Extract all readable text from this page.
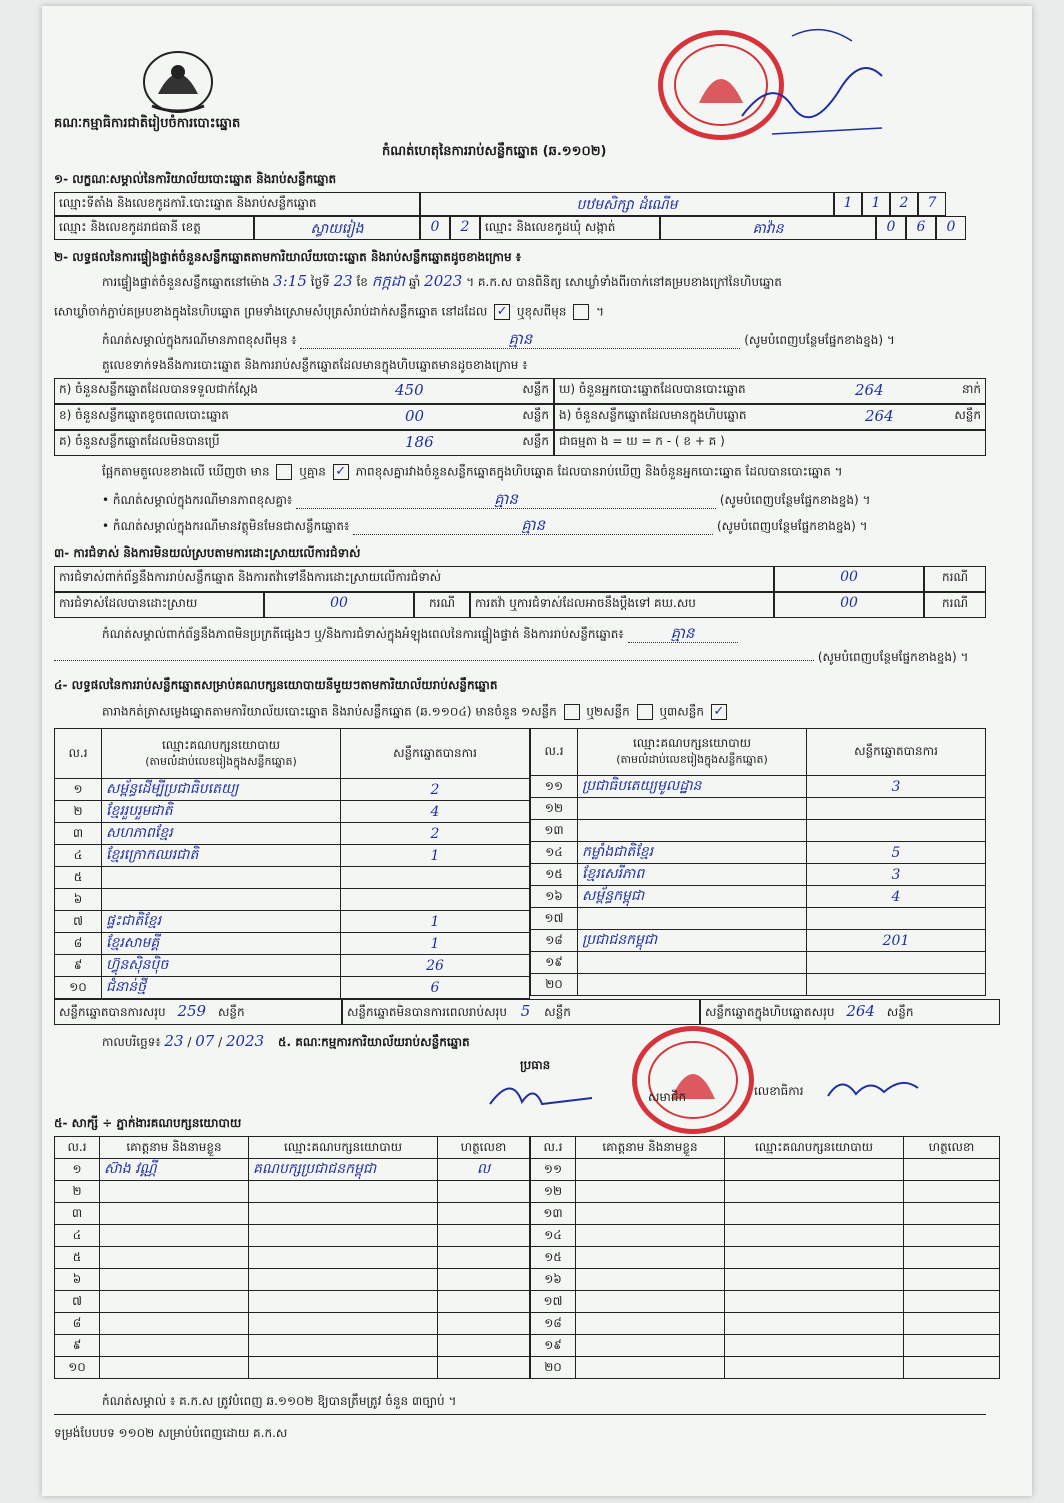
គណៈកម្មាធិការជាតិរៀបចំការបោះឆ្នោត
កំណត់ហេតុនៃការរាប់សន្លឹកឆ្នោត (ឆ.១១០២)
១- លក្ខណៈសម្គាល់នៃការិយាល័យបោះឆ្នោត និងរាប់សន្លឹកឆ្នោត
ឈ្មោះទីតាំង និងលេខកូដការិ.បោះឆ្នោត និងរាប់សន្លឹកឆ្នោត	បឋមសិក្សា ដំណើម	1	1	2	7
ឈ្មោះ និងលេខកូដរាជធានី ខេត្ត	ស្វាយរៀង	0	2	ឈ្មោះ និងលេខកូដឃុំ សង្កាត់	គាវ៉ាន	0	6	0
២- លទ្ធផលនៃការផ្ទៀងផ្ទាត់ចំនួនសន្លឹកឆ្នោតតាមការិយាល័យបោះឆ្នោត និងរាប់សន្លឹកឆ្នោតដូចខាងក្រោម ៖
ការផ្ទៀងផ្ទាត់ចំនួនសន្លឹកឆ្នោតនៅម៉ោង 3:15 ថ្ងៃទី 23 ខែ កក្កដា ឆ្នាំ 2023 ។ គ.ក.ស បានពិនិត្យ សោឃ្លាំទាំងពីរចាក់នៅគម្របខាងក្រៅនៃហិបឆ្នោត
សោឃ្លាំចាក់ភ្ជាប់គម្របខាងក្នុងនៃហិបឆ្នោត ព្រមទាំងស្រោមសំបុត្រសំរាប់ដាក់សន្លឹកឆ្នោត នៅដដែល ✓ ឬខុសពីមុន  ។
កំណត់សម្គាល់ក្នុងករណីមានភាពខុសពីមុន ៖	គ្មាន	(សូមបំពេញបន្ថែមផ្នែកខាងខ្នង) ។
តួលេខទាក់ទងនឹងការបោះឆ្នោត និងការរាប់សន្លឹកឆ្នោតដែលមានក្នុងហិបឆ្នោតមានដូចខាងក្រោម ៖
ក) ចំនួនសន្លឹកឆ្នោតដែលបានទទួលជាក់ស្តែង	450	សន្លឹក
ខ) ចំនួនសន្លឹកឆ្នោតខូចពេលបោះឆ្នោត	00	សន្លឹក
គ) ចំនួនសន្លឹកឆ្នោតដែលមិនបានប្រើ	186	សន្លឹក
ឃ) ចំនួនអ្នកបោះឆ្នោតដែលបានបោះឆ្នោត	264	នាក់
ង) ចំនួនសន្លឹកឆ្នោតដែលមានក្នុងហិបឆ្នោត	264	សន្លឹក
ជាធម្មតា ង = ឃ = ក - ( ខ + គ )
ផ្អែកតាមតួលេខខាងលើ ឃើញថា មាន ឬគ្មាន ✓ ភាពខុសគ្នារវាងចំនួនសន្លឹកឆ្នោតក្នុងហិបឆ្នោត ដែលបានរាប់ឃើញ និងចំនួនអ្នកបោះឆ្នោត ដែលបានបោះឆ្នោត ។
• កំណត់សម្គាល់ក្នុងករណីមានភាពខុសគ្នា៖	គ្មាន	(សូមបំពេញបន្ថែមផ្នែកខាងខ្នង) ។
• កំណត់សម្គាល់ក្នុងករណីមានវត្ថុមិនមែនជាសន្លឹកឆ្នោត៖	គ្មាន	(សូមបំពេញបន្ថែមផ្នែកខាងខ្នង) ។
៣- ការជំទាស់ និងការមិនយល់ស្របតាមការដោះស្រាយលើការជំទាស់
ការជំទាស់ពាក់ព័ន្ធនឹងការរាប់សន្លឹកឆ្នោត និងការតវ៉ាទៅនឹងការដោះស្រាយលើការជំទាស់	00	ករណី
ការជំទាស់ដែលបានដោះស្រាយ	00	ករណី	ការតវ៉ា ឬការជំទាស់ដែលអាចនឹងប្ដឹងទៅ គឃ.សប	00	ករណី
កំណត់សម្គាល់ពាក់ព័ន្ធនឹងភាពមិនប្រក្រតីផ្សេងៗ ឬ/និងការជំទាស់ក្នុងអំឡុងពេលនៃការផ្ទៀងផ្ទាត់ និងការរាប់សន្លឹកឆ្នោត៖	គ្មាន
(សូមបំពេញបន្ថែមផ្នែកខាងខ្នង) ។
៤- លទ្ធផលនៃការរាប់សន្លឹកឆ្នោតសម្រាប់គណបក្សនយោបាយនីមួយៗតាមការិយាល័យរាប់សន្លឹកឆ្នោត
តារាងកត់ត្រាសម្លេងឆ្នោតតាមការិយាល័យបោះឆ្នោត និងរាប់សន្លឹកឆ្នោត (ឆ.១១០៤) មានចំនួន ១សន្លឹក ឬ២សន្លឹក ឬ៣សន្លឹក ✓
ល.រ	ឈ្មោះគណបក្សនយោបាយ
(តាមលំដាប់លេខរៀងក្នុងសន្លឹកឆ្នោត)	សន្លឹកឆ្នោតបានការ
១	សម្ព័ន្ធដើម្បីប្រជាធិបតេយ្យ	2
២	ខ្មែររួបរួមជាតិ	4
៣	សហភាពខ្មែរ	2
៤	ខ្មែរក្រោកឈរជាតិ	1
៥		
៦		
៧	ផ្ទះជាតិខ្មែរ	1
៨	ខ្មែរសាមគ្គី	1
៩	ហ៊្វុនស៊ិនប៉ិច	26
១០	ជំនាន់ថ្មី	6
ល.រ	ឈ្មោះគណបក្សនយោបាយ
(តាមលំដាប់លេខរៀងក្នុងសន្លឹកឆ្នោត)	សន្លឹកឆ្នោតបានការ
១១	ប្រជាធិបតេយ្យមូលដ្ឋាន	3
១២		
១៣		
១៤	កម្លាំងជាតិខ្មែរ	5
១៥	ខ្មែរសេរីភាព	3
១៦	សម្ព័ន្ធកម្ពុជា	4
១៧		
១៨	ប្រជាជនកម្ពុជា	201
១៩		
២០		
សន្លឹកឆ្នោតបានការសរុប 259 សន្លឹក	សន្លឹកឆ្នោតមិនបានការពេលរាប់សរុប 5 សន្លឹក	សន្លឹកឆ្នោតក្នុងហិបឆ្នោតសរុប 264 សន្លឹក
កាលបរិច្ឆេទ៖ 23 / 07 / 2023 ៥. គណៈកម្មការការិយាល័យរាប់សន្លឹកឆ្នោត
ប្រធាន
សមាជិក	លេខាធិការ
៥- សាក្សី ÷ ភ្នាក់ងារគណបក្សនយោបាយ
ល.រ	គោត្តនាម និងនាមខ្លួន	ឈ្មោះគណបក្សនយោបាយ	ហត្ថលេខា
១	ស៊ាង វណ្ណី	គណបក្សប្រជាជនកម្ពុជា	ល
២			
៣			
៤			
៥			
៦			
៧			
៨			
៩			
១០			
ល.រ	គោត្តនាម និងនាមខ្លួន	ឈ្មោះគណបក្សនយោបាយ	ហត្ថលេខា
១១			
១២			
១៣			
១៤			
១៥			
១៦			
១៧			
១៨			
១៩			
២០			
កំណត់សម្គាល់ ៖ គ.ក.ស ត្រូវបំពេញ ឆ.១១០២ ឱ្យបានត្រឹមត្រូវ ចំនួន ៣ច្បាប់ ។
ទម្រង់បែបបទ ១១០២ សម្រាប់បំពេញដោយ គ.ក.ស
